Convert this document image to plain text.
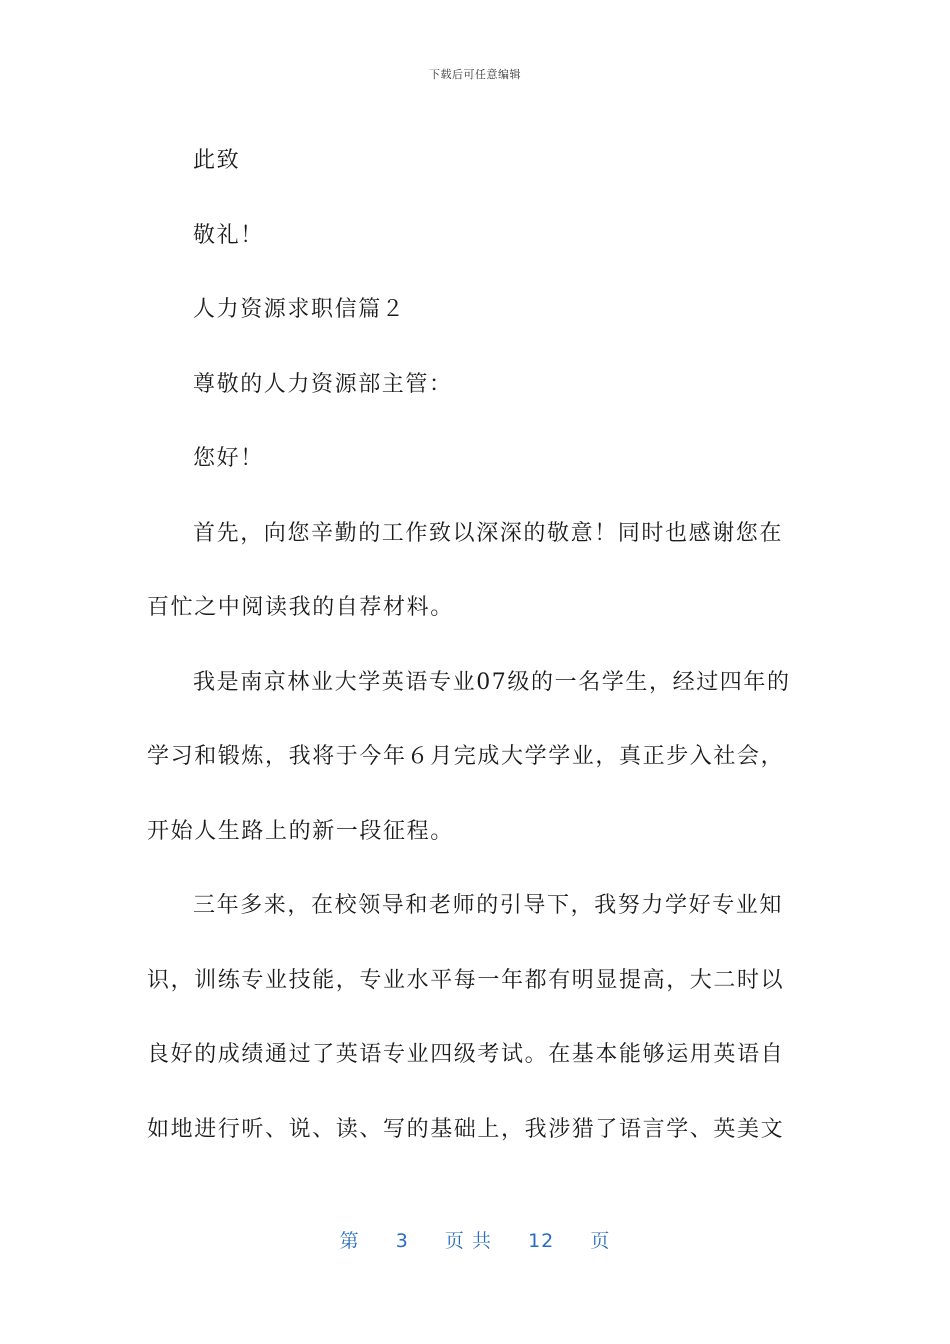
下载后可任意编辑
此致
敬礼！
人力资源求职信篇２
尊敬的人力资源部主管：
您好！
首先，向您辛勤的工作致以深深的敬意！同时也感谢您在
百忙之中阅读我的自荐材料。
我是南京林业大学英语专业07级的一名学生，经过四年的
学习和锻炼，我将于今年６月完成大学学业，真正步入社会，
开始人生路上的新一段征程。
三年多来，在校领导和老师的引导下，我努力学好专业知
识，训练专业技能，专业水平每一年都有明显提高，大二时以
良好的成绩通过了英语专业四级考试。在基本能够运用英语自
如地进行听、说、读、写的基础上，我涉猎了语言学、英美文
第 3 页 共 12 页
